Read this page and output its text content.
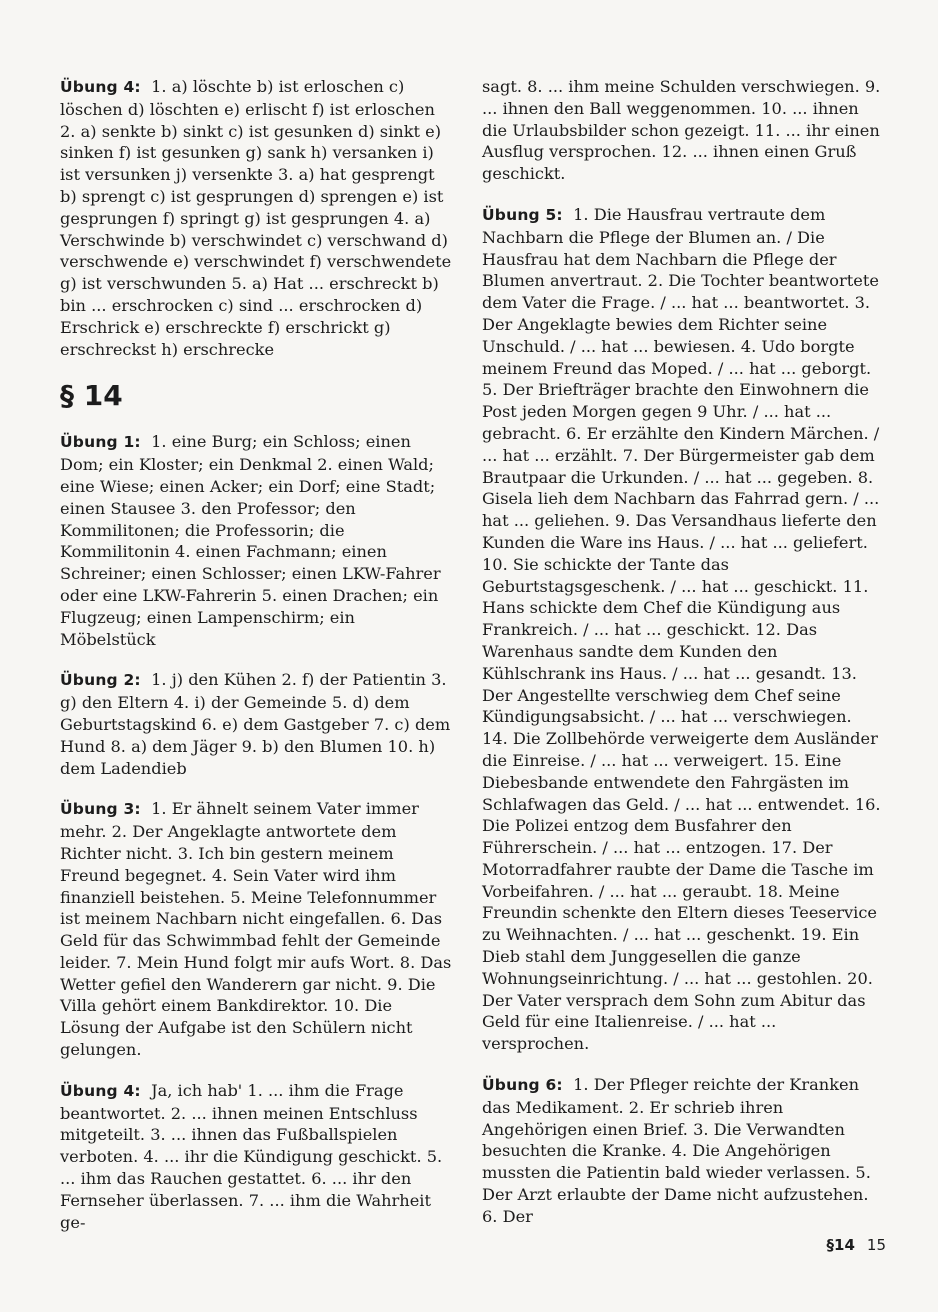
Übung 4: 1. a) löschte b) ist erloschen c) löschen d) löschten e) erlischt f) ist erloschen 2. a) senkte b) sinkt c) ist gesunken d) sinkt e) sinken f) ist gesunken g) sank h) versanken i) ist versunken j) versenkte 3. a) hat gesprengt b) sprengt c) ist gesprungen d) sprengen e) ist gesprungen f) springt g) ist gesprungen 4. a) Verschwinde b) verschwindet c) verschwand d) verschwende e) verschwindet f) verschwendete g) ist verschwunden 5. a) Hat ... erschreckt b) bin ... erschrocken c) sind ... erschrocken d) Erschrick e) erschreckte f) erschrickt g) erschreckst h) erschrecke

§ 14

Übung 1: 1. eine Burg; ein Schloss; einen Dom; ein Kloster; ein Denkmal 2. einen Wald; eine Wiese; einen Acker; ein Dorf; eine Stadt; einen Stausee 3. den Professor; den Kommilitonen; die Professorin; die Kommilitonin 4. einen Fachmann; einen Schreiner; einen Schlosser; einen LKW-Fahrer oder eine LKW-Fahrerin 5. einen Drachen; ein Flugzeug; einen Lampenschirm; ein Möbelstück

Übung 2: 1. j) den Kühen 2. f) der Patientin 3. g) den Eltern 4. i) der Gemeinde 5. d) dem Geburtstagskind 6. e) dem Gastgeber 7. c) dem Hund 8. a) dem Jäger 9. b) den Blumen 10. h) dem Ladendieb

Übung 3: 1. Er ähnelt seinem Vater immer mehr. 2. Der Angeklagte antwortete dem Richter nicht. 3. Ich bin gestern meinem Freund begegnet. 4. Sein Vater wird ihm finanziell beistehen. 5. Meine Telefonnummer ist meinem Nachbarn nicht eingefallen. 6. Das Geld für das Schwimmbad fehlt der Gemeinde leider. 7. Mein Hund folgt mir aufs Wort. 8. Das Wetter gefiel den Wanderern gar nicht. 9. Die Villa gehört einem Bankdirektor. 10. Die Lösung der Aufgabe ist den Schülern nicht gelungen.

Übung 4: Ja, ich hab' 1. ... ihm die Frage beantwortet. 2. ... ihnen meinen Entschluss mitgeteilt. 3. ... ihnen das Fußballspielen verboten. 4. ... ihr die Kündigung geschickt. 5. ... ihm das Rauchen gestattet. 6. ... ihr den Fernseher überlassen. 7. ... ihm die Wahrheit ge-

sagt. 8. ... ihm meine Schulden verschwiegen. 9. ... ihnen den Ball weggenommen. 10. ... ihnen die Urlaubsbilder schon gezeigt. 11. ... ihr einen Ausflug versprochen. 12. ... ihnen einen Gruß geschickt.

Übung 5: 1. Die Hausfrau vertraute dem Nachbarn die Pflege der Blumen an. / Die Hausfrau hat dem Nachbarn die Pflege der Blumen anvertraut. 2. Die Tochter beantwortete dem Vater die Frage. / ... hat ... beantwortet. 3. Der Angeklagte bewies dem Richter seine Unschuld. / ... hat ... bewiesen. 4. Udo borgte meinem Freund das Moped. / ... hat ... geborgt. 5. Der Briefträger brachte den Einwohnern die Post jeden Morgen gegen 9 Uhr. / ... hat ... gebracht. 6. Er erzählte den Kindern Märchen. / ... hat ... erzählt. 7. Der Bürgermeister gab dem Brautpaar die Urkunden. / ... hat ... gegeben. 8. Gisela lieh dem Nachbarn das Fahrrad gern. / ... hat ... geliehen. 9. Das Versandhaus lieferte den Kunden die Ware ins Haus. / ... hat ... geliefert. 10. Sie schickte der Tante das Geburtstagsgeschenk. / ... hat ... geschickt. 11. Hans schickte dem Chef die Kündigung aus Frankreich. / ... hat ... geschickt. 12. Das Warenhaus sandte dem Kunden den Kühlschrank ins Haus. / ... hat ... gesandt. 13. Der Angestellte verschwieg dem Chef seine Kündigungsabsicht. / ... hat ... verschwiegen. 14. Die Zollbehörde verweigerte dem Ausländer die Einreise. / ... hat ... verweigert. 15. Eine Diebesbande entwendete den Fahrgästen im Schlafwagen das Geld. / ... hat ... entwendet. 16. Die Polizei entzog dem Busfahrer den Führerschein. / ... hat ... entzogen. 17. Der Motorradfahrer raubte der Dame die Tasche im Vorbeifahren. / ... hat ... geraubt. 18. Meine Freundin schenkte den Eltern dieses Teeservice zu Weihnachten. / ... hat ... geschenkt. 19. Ein Dieb stahl dem Junggesellen die ganze Wohnungseinrichtung. / ... hat ... gestohlen. 20. Der Vater versprach dem Sohn zum Abitur das Geld für eine Italienreise. / ... hat ... versprochen.

Übung 6: 1. Der Pfleger reichte der Kranken das Medikament. 2. Er schrieb ihren Angehörigen einen Brief. 3. Die Verwandten besuchten die Kranke. 4. Die Angehörigen mussten die Patientin bald wieder verlassen. 5. Der Arzt erlaubte der Dame nicht aufzustehen. 6. Der

§14 15
